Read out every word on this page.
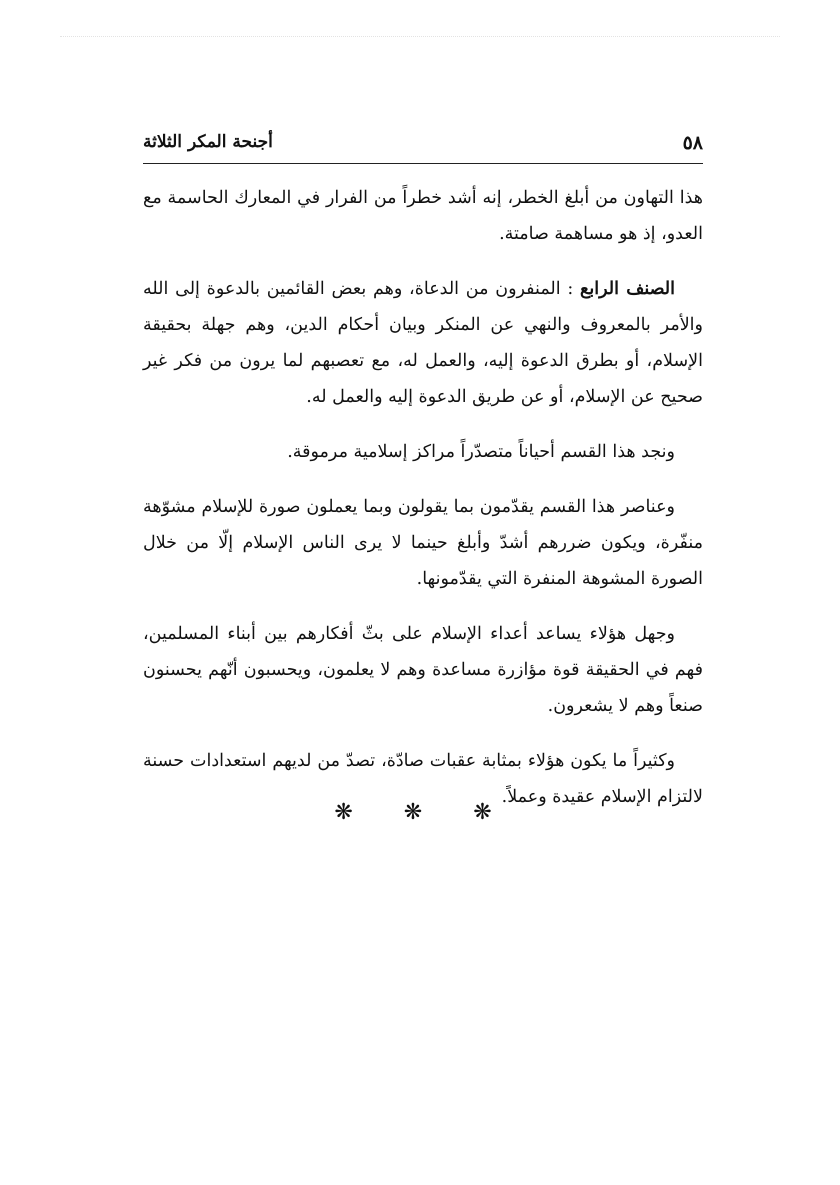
٥٨
أجنحة المكر الثلاثة

هذا التهاون من أبلغ الخطر، إنه أشد خطراً من الفرار في المعارك الحاسمة مع العدو، إذ هو مساهمة صامتة.

الصنف الرابع : المنفرون من الدعاة، وهم بعض القائمين بالدعوة إلى الله والأمر بالمعروف والنهي عن المنكر وبيان أحكام الدين، وهم جهلة بحقيقة الإسلام، أو بطرق الدعوة إليه، والعمل له، مع تعصبهم لما يرون من فكر غير صحيح عن الإسلام، أو عن طريق الدعوة إليه والعمل له.

ونجد هذا القسم أحياناً متصدّراً مراكز إسلامية مرموقة.

وعناصر هذا القسم يقدّمون بما يقولون وبما يعملون صورة للإسلام مشوّهة منفّرة، ويكون ضررهم أشدّ وأبلغ حينما لا يرى الناس الإسلام إلّا من خلال الصورة المشوهة المنفرة التي يقدّمونها.

وجهل هؤلاء يساعد أعداء الإسلام على بثّ أفكارهم بين أبناء المسلمين، فهم في الحقيقة قوة مؤازرة مساعدة وهم لا يعلمون، ويحسبون أنّهم يحسنون صنعاً وهم لا يشعرون.

وكثيراً ما يكون هؤلاء بمثابة عقبات صادّة، تصدّ من لديهم استعدادات حسنة لالتزام الإسلام عقيدة وعملاً.

❋ ❋ ❋
